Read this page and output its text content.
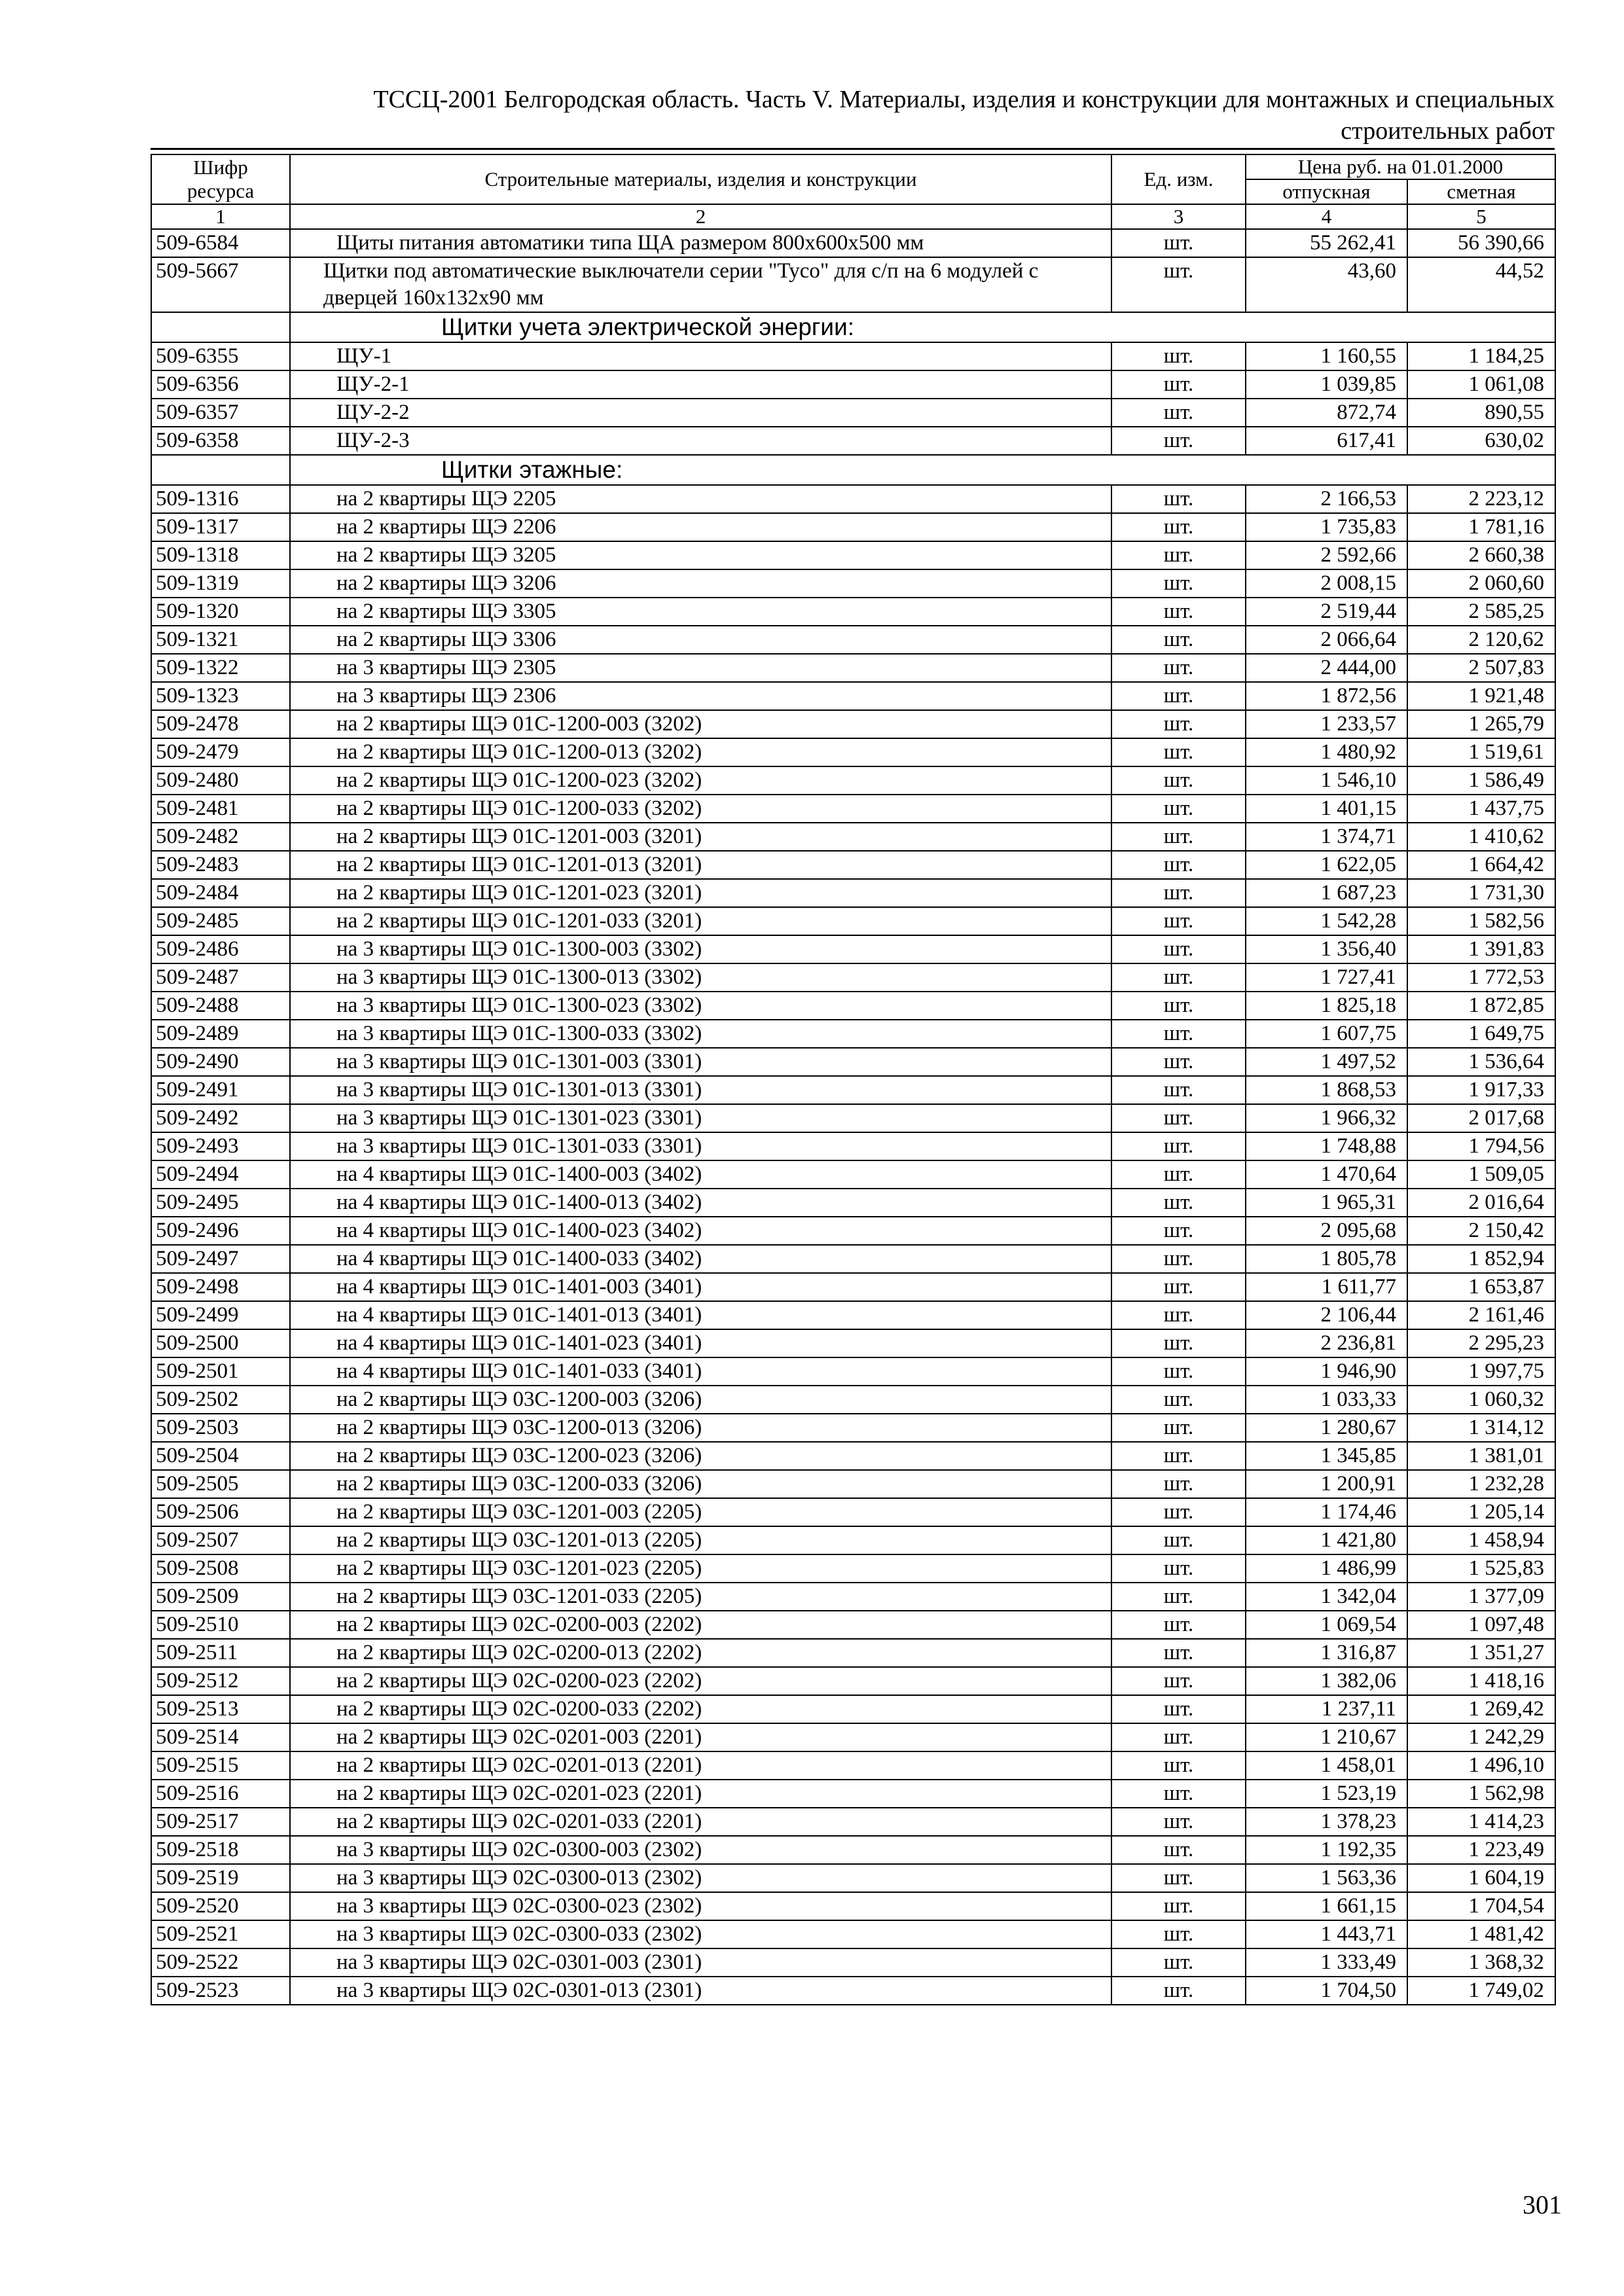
ТССЦ-2001 Белгородская область. Часть V. Материалы, изделия и конструкции для монтажных и специальных
строительных работ
Шифр ресурса	Строительные материалы, изделия и конструкции	Ед. изм.	Цена руб. на 01.01.2000	
			отпускная	сметная
1	2	3	4	5
509-6584	Щиты питания автоматики типа ЩА размером 800х600х500 мм	шт.	55 262,41	56 390,66
509-5667	Щитки под автоматические выключатели серии "Tyco" для с/п на 6 модулей с дверцей 160х132х90 мм	шт.	43,60	44,52
	Щитки учета электрической энергии:			
509-6355	ЩУ-1	шт.	1 160,55	1 184,25
509-6356	ЩУ-2-1	шт.	1 039,85	1 061,08
509-6357	ЩУ-2-2	шт.	872,74	890,55
509-6358	ЩУ-2-3	шт.	617,41	630,02
	Щитки этажные:			
509-1316	на 2 квартиры ЩЭ 2205	шт.	2 166,53	2 223,12
509-1317	на 2 квартиры ЩЭ 2206	шт.	1 735,83	1 781,16
509-1318	на 2 квартиры ЩЭ 3205	шт.	2 592,66	2 660,38
509-1319	на 2 квартиры ЩЭ 3206	шт.	2 008,15	2 060,60
509-1320	на 2 квартиры ЩЭ 3305	шт.	2 519,44	2 585,25
509-1321	на 2 квартиры ЩЭ 3306	шт.	2 066,64	2 120,62
509-1322	на 3 квартиры ЩЭ 2305	шт.	2 444,00	2 507,83
509-1323	на 3 квартиры ЩЭ 2306	шт.	1 872,56	1 921,48
509-2478	на 2 квартиры ЩЭ 01С-1200-003 (3202)	шт.	1 233,57	1 265,79
509-2479	на 2 квартиры ЩЭ 01С-1200-013 (3202)	шт.	1 480,92	1 519,61
509-2480	на 2 квартиры ЩЭ 01С-1200-023 (3202)	шт.	1 546,10	1 586,49
509-2481	на 2 квартиры ЩЭ 01С-1200-033 (3202)	шт.	1 401,15	1 437,75
509-2482	на 2 квартиры ЩЭ 01С-1201-003 (3201)	шт.	1 374,71	1 410,62
509-2483	на 2 квартиры ЩЭ 01С-1201-013 (3201)	шт.	1 622,05	1 664,42
509-2484	на 2 квартиры ЩЭ 01С-1201-023 (3201)	шт.	1 687,23	1 731,30
509-2485	на 2 квартиры ЩЭ 01С-1201-033 (3201)	шт.	1 542,28	1 582,56
509-2486	на 3 квартиры ЩЭ 01С-1300-003 (3302)	шт.	1 356,40	1 391,83
509-2487	на 3 квартиры ЩЭ 01С-1300-013 (3302)	шт.	1 727,41	1 772,53
509-2488	на 3 квартиры ЩЭ 01С-1300-023 (3302)	шт.	1 825,18	1 872,85
509-2489	на 3 квартиры ЩЭ 01С-1300-033 (3302)	шт.	1 607,75	1 649,75
509-2490	на 3 квартиры ЩЭ 01С-1301-003 (3301)	шт.	1 497,52	1 536,64
509-2491	на 3 квартиры ЩЭ 01С-1301-013 (3301)	шт.	1 868,53	1 917,33
509-2492	на 3 квартиры ЩЭ 01С-1301-023 (3301)	шт.	1 966,32	2 017,68
509-2493	на 3 квартиры ЩЭ 01С-1301-033 (3301)	шт.	1 748,88	1 794,56
509-2494	на 4 квартиры ЩЭ 01С-1400-003 (3402)	шт.	1 470,64	1 509,05
509-2495	на 4 квартиры ЩЭ 01С-1400-013 (3402)	шт.	1 965,31	2 016,64
509-2496	на 4 квартиры ЩЭ 01С-1400-023 (3402)	шт.	2 095,68	2 150,42
509-2497	на 4 квартиры ЩЭ 01С-1400-033 (3402)	шт.	1 805,78	1 852,94
509-2498	на 4 квартиры ЩЭ 01С-1401-003 (3401)	шт.	1 611,77	1 653,87
509-2499	на 4 квартиры ЩЭ 01С-1401-013 (3401)	шт.	2 106,44	2 161,46
509-2500	на 4 квартиры ЩЭ 01С-1401-023 (3401)	шт.	2 236,81	2 295,23
509-2501	на 4 квартиры ЩЭ 01С-1401-033 (3401)	шт.	1 946,90	1 997,75
509-2502	на 2 квартиры ЩЭ 03С-1200-003 (3206)	шт.	1 033,33	1 060,32
509-2503	на 2 квартиры ЩЭ 03С-1200-013 (3206)	шт.	1 280,67	1 314,12
509-2504	на 2 квартиры ЩЭ 03С-1200-023 (3206)	шт.	1 345,85	1 381,01
509-2505	на 2 квартиры ЩЭ 03С-1200-033 (3206)	шт.	1 200,91	1 232,28
509-2506	на 2 квартиры ЩЭ 03С-1201-003 (2205)	шт.	1 174,46	1 205,14
509-2507	на 2 квартиры ЩЭ 03С-1201-013 (2205)	шт.	1 421,80	1 458,94
509-2508	на 2 квартиры ЩЭ 03С-1201-023 (2205)	шт.	1 486,99	1 525,83
509-2509	на 2 квартиры ЩЭ 03С-1201-033 (2205)	шт.	1 342,04	1 377,09
509-2510	на 2 квартиры ЩЭ 02С-0200-003 (2202)	шт.	1 069,54	1 097,48
509-2511	на 2 квартиры ЩЭ 02С-0200-013 (2202)	шт.	1 316,87	1 351,27
509-2512	на 2 квартиры ЩЭ 02С-0200-023 (2202)	шт.	1 382,06	1 418,16
509-2513	на 2 квартиры ЩЭ 02С-0200-033 (2202)	шт.	1 237,11	1 269,42
509-2514	на 2 квартиры ЩЭ 02С-0201-003 (2201)	шт.	1 210,67	1 242,29
509-2515	на 2 квартиры ЩЭ 02С-0201-013 (2201)	шт.	1 458,01	1 496,10
509-2516	на 2 квартиры ЩЭ 02С-0201-023 (2201)	шт.	1 523,19	1 562,98
509-2517	на 2 квартиры ЩЭ 02С-0201-033 (2201)	шт.	1 378,23	1 414,23
509-2518	на 3 квартиры ЩЭ 02С-0300-003 (2302)	шт.	1 192,35	1 223,49
509-2519	на 3 квартиры ЩЭ 02С-0300-013 (2302)	шт.	1 563,36	1 604,19
509-2520	на 3 квартиры ЩЭ 02С-0300-023 (2302)	шт.	1 661,15	1 704,54
509-2521	на 3 квартиры ЩЭ 02С-0300-033 (2302)	шт.	1 443,71	1 481,42
509-2522	на 3 квартиры ЩЭ 02С-0301-003 (2301)	шт.	1 333,49	1 368,32
509-2523	на 3 квартиры ЩЭ 02С-0301-013 (2301)	шт.	1 704,50	1 749,02
301
